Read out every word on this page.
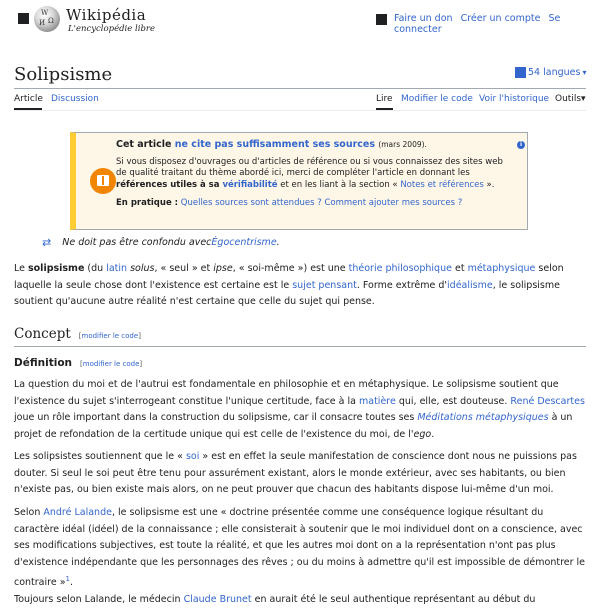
W
Ω
И Wikipédia
L'encyclopédie libre
Faire un don Créer un compte Se connecter
Solipsisme	54 langues ▾
Article Discussion	Lire Modifier le code Voir l'historique Outils▾
i
Cet article ne cite pas suffisamment ses sources (mars 2009).
Si vous disposez d'ouvrages ou d'articles de référence ou si vous connaissez des sites web de qualité traitant du thème abordé ici, merci de compléter l'article en donnant les références utiles à sa vérifiabilité et en les liant à la section « Notes et références ».
En pratique : Quelles sources sont attendues ? Comment ajouter mes sources ?
⇄ Ne doit pas être confondu avec Égocentrisme .
Le solipsisme (du latin solus, « seul » et ipse, « soi-même ») est une théorie philosophique et métaphysique selon laquelle la seule chose dont l'existence est certaine est le sujet pensant. Forme extrême d'idéalisme, le solipsisme soutient qu'aucune autre réalité n'est certaine que celle du sujet qui pense.
Concept [modifier le code]
Définition [modifier le code]
La question du moi et de l'autrui est fondamentale en philosophie et en métaphysique. Le solipsisme soutient que l'existence du sujet s'interrogeant constitue l'unique certitude, face à la matière qui, elle, est douteuse. René Descartes joue un rôle important dans la construction du solipsisme, car il consacre toutes ses Méditations métaphysiques à un projet de refondation de la certitude unique qui est celle de l'existence du moi, de l'ego.
Les solipsistes soutiennent que le « soi » est en effet la seule manifestation de conscience dont nous ne puissions pas douter. Si seul le soi peut être tenu pour assurément existant, alors le monde extérieur, avec ses habitants, ou bien n'existe pas, ou bien existe mais alors, on ne peut prouver que chacun des habitants dispose lui-même d'un moi.
Selon André Lalande, le solipsisme est une « doctrine présentée comme une conséquence logique résultant du caractère idéal (idéel) de la connaissance ; elle consisterait à soutenir que le moi individuel dont on a conscience, avec ses modifications subjectives, est toute la réalité, et que les autres moi dont on a la représentation n'ont pas plus d'existence indépendante que les personnages des rêves ; ou du moins à admettre qu'il est impossible de démontrer le contraire »$^1$.
Toujours selon Lalande, le médecin Claude Brunet en aurait été le seul authentique représentant au début du
